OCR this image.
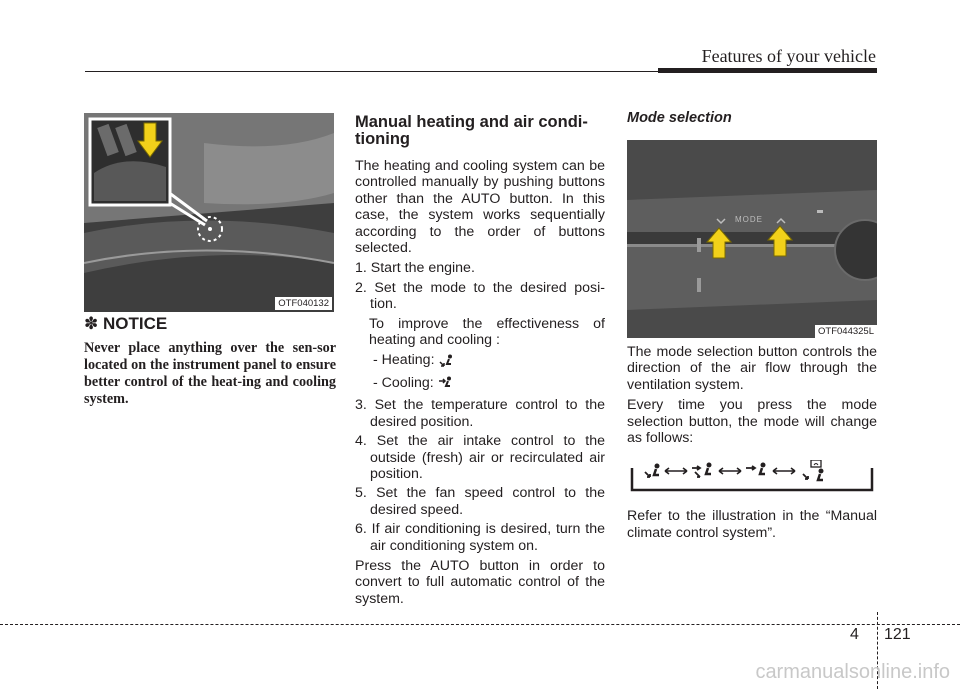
Features of your vehicle
OTF040132
✽ NOTICE
Never place anything over the sen-sor located on the instrument panel to ensure better control of the heat-ing and cooling system.
Manual heating and air condi-tioning
The heating and cooling system can be controlled manually by pushing buttons other than the AUTO button. In this case, the system works sequentially according to the order of buttons selected.
1. Start the engine.
2. Set the mode to the desired posi-tion.
To improve the effectiveness of heating and cooling :
- Heating:
- Cooling:
3. Set the temperature control to the desired position.
4. Set the air intake control to the outside (fresh) air or recirculated air position.
5. Set the fan speed control to the desired speed.
6. If air conditioning is desired, turn the air conditioning system on.
Press the AUTO button in order to convert to full automatic control of the system.
Mode selection
MODE
OTF044325L
The mode selection button controls the direction of the air flow through the ventilation system.
Every time you press the mode selection button, the mode will change as follows:
Refer to the illustration in the “Manual climate control system”.
4 121
carmanualsonline.info
